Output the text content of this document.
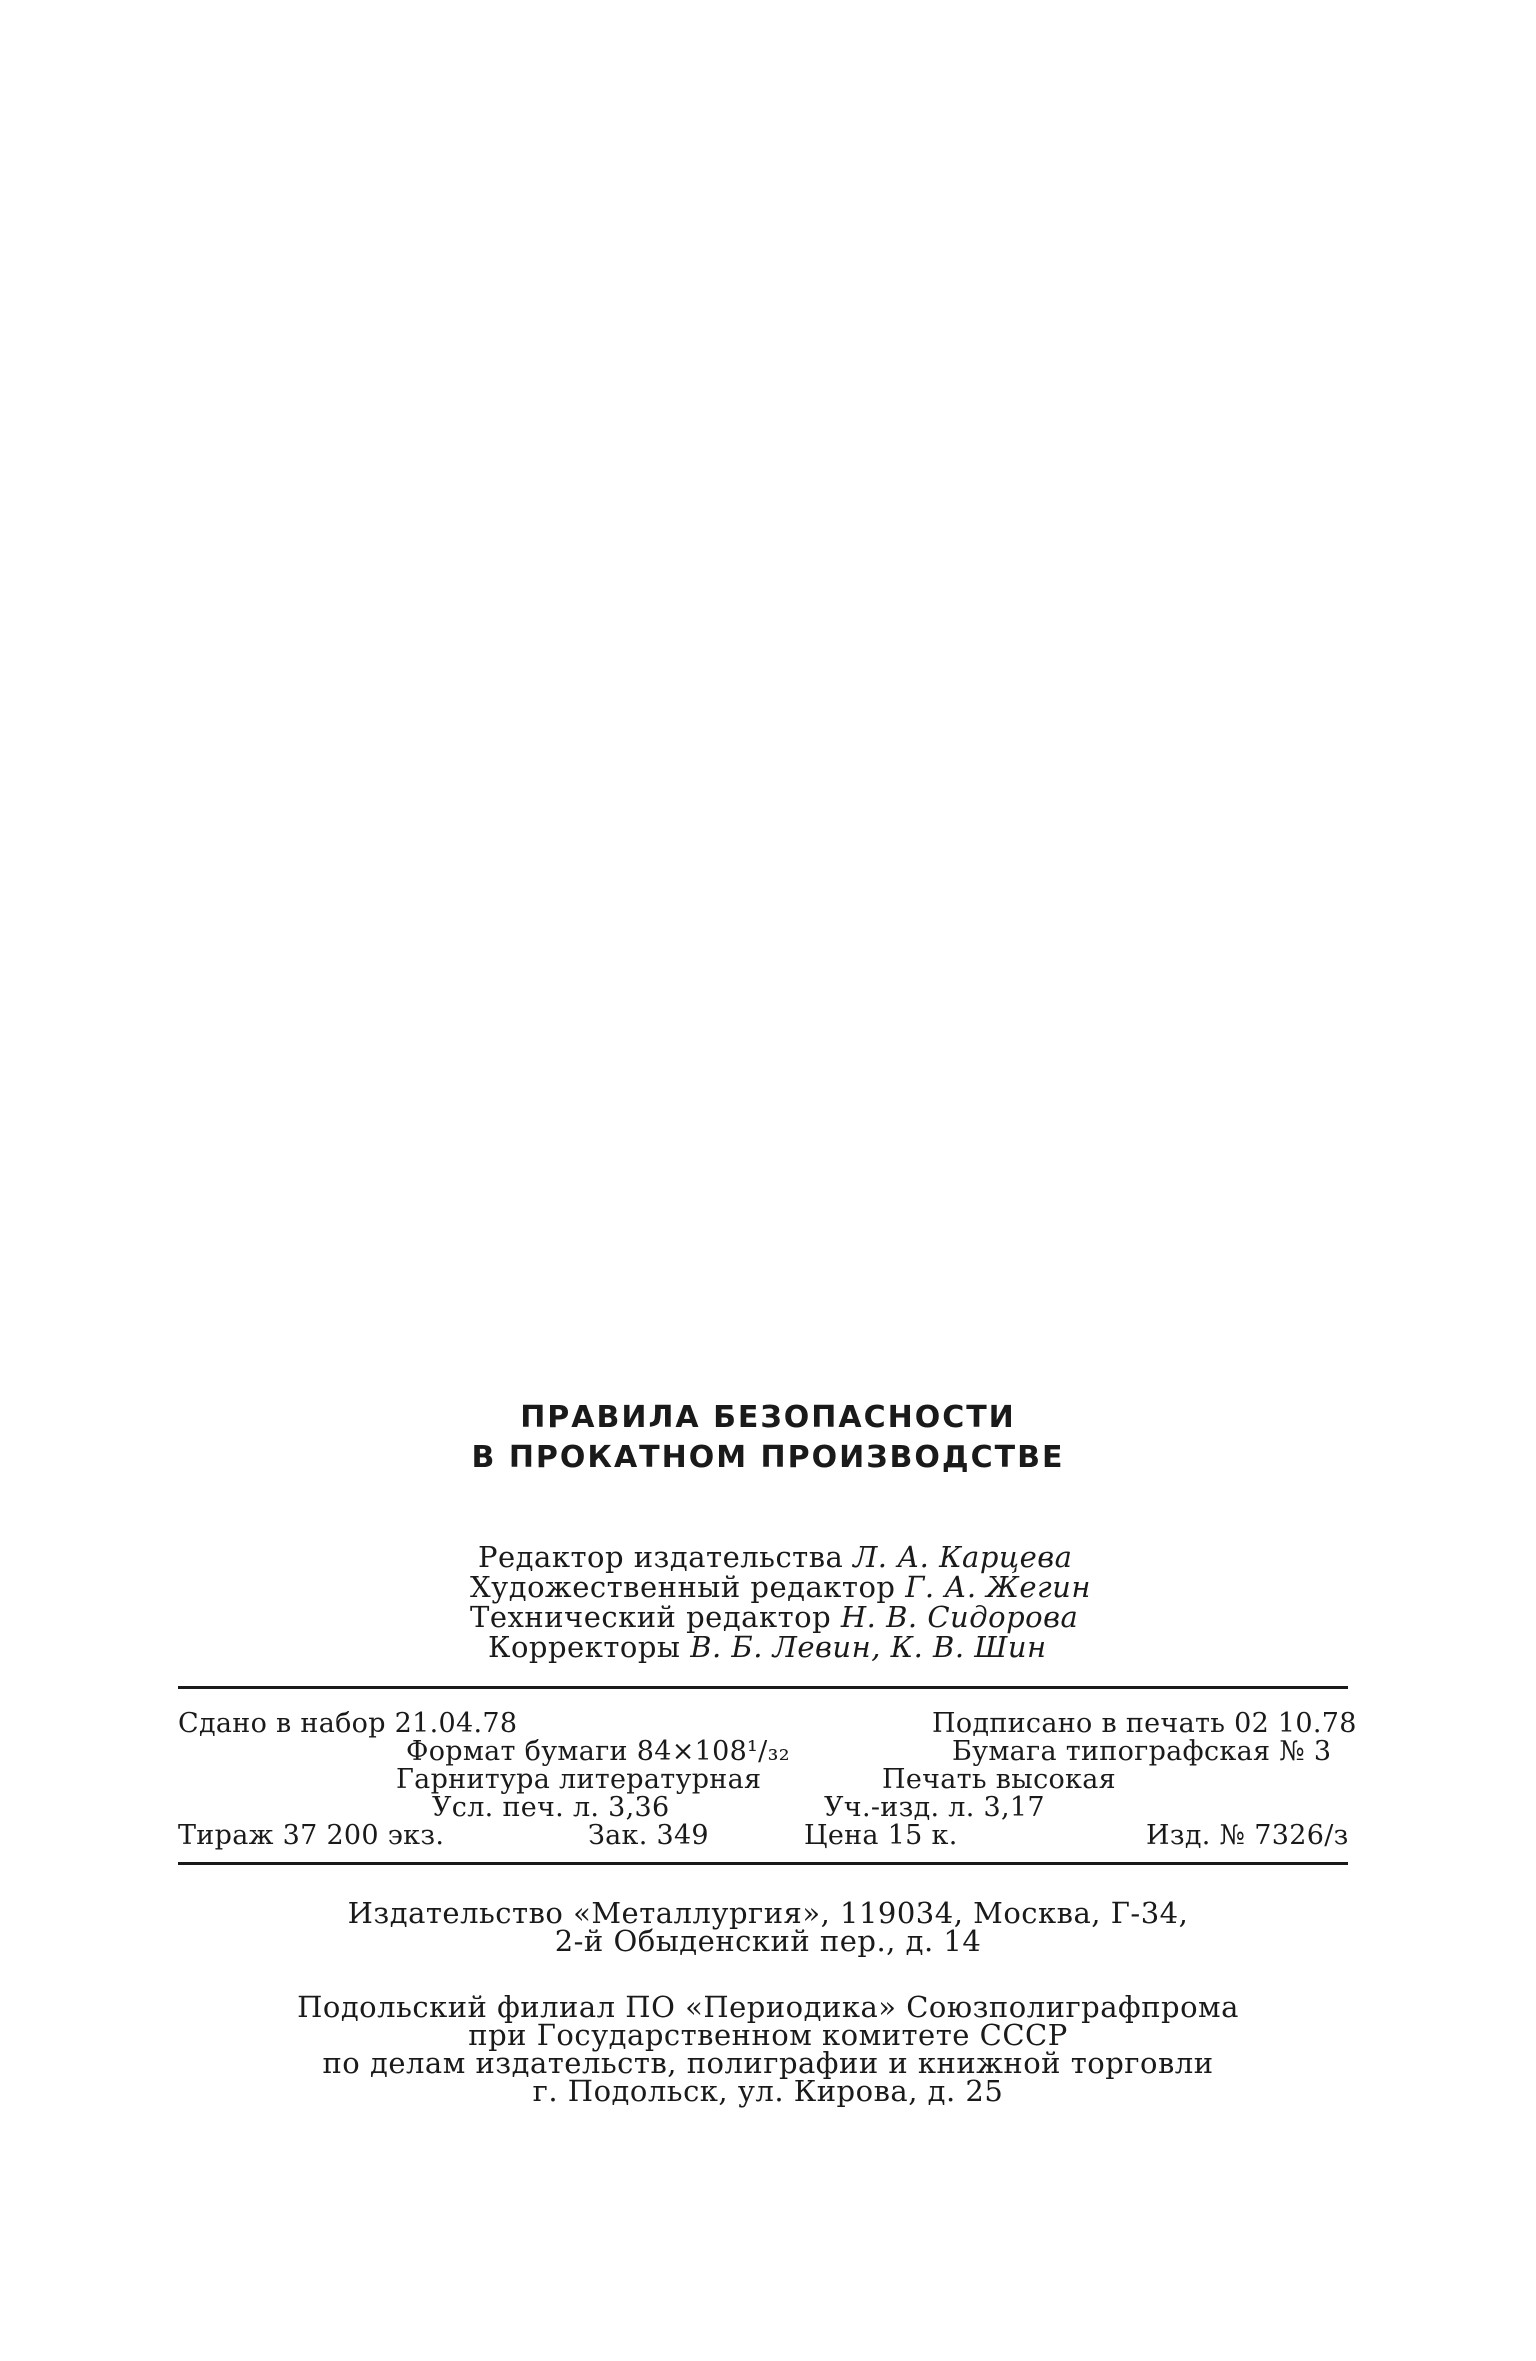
ПРАВИЛА БЕЗОПАСНОСТИ
В ПРОКАТНОМ ПРОИЗВОДСТВЕ
Редактор издательства Л. А. Карцева
Художественный редактор Г. А. Жегин
Технический редактор Н. В. Сидорова
Корректоры В. Б. Левин, К. В. Шин
Сдано в набор 21.04.78	Подписано в печать 02 10.78
Формат бумаги 84×108¹/₃₂	Бумага типографская № 3
Гарнитура литературная	Печать высокая
Усл. печ. л. 3,36	Уч.-изд. л. 3,17
Тираж 37 200 экз.	Зак. 349	Цена 15 к.	Изд. № 7326/з
Издательство «Металлургия», 119034, Москва, Г-34,
2-й Обыденский пер., д. 14
Подольский филиал ПО «Периодика» Союзполиграфпрома
при Государственном комитете СССР
по делам издательств, полиграфии и книжной торговли
г. Подольск, ул. Кирова, д. 25
